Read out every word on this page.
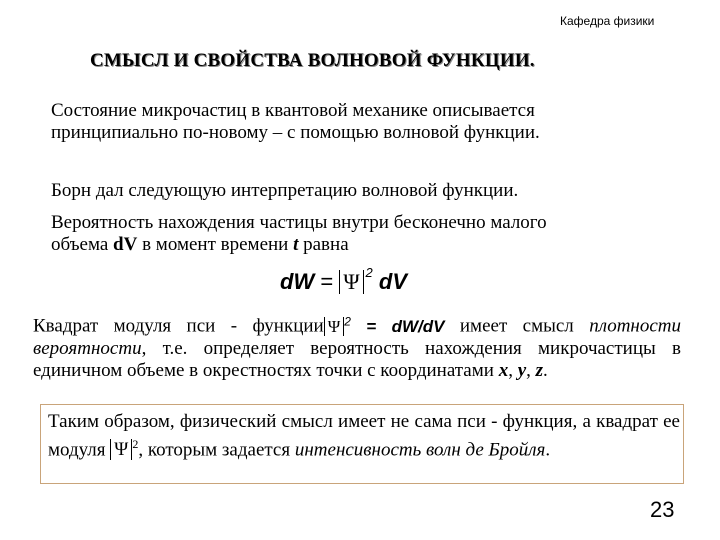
Кафедра физики
СМЫСЛ И СВОЙСТВА ВОЛНОВОЙ ФУНКЦИИ.
Состояние микрочастиц в квантовой механике описывается
принципиально по-новому – с помощью волновой функции.
Борн дал следующую интерпретацию волновой функции.
Вероятность нахождения частицы внутри бесконечно малого
объема dV в момент времени t равна
dW = Ψ $^2$ dV
Квадрат модуля пси - функции Ψ $^2$ = dW/dV имеет смысл плотности вероятности, т.е. определяет вероятность нахождения микрочастицы в единичном объеме в окрестностях точки с координатами x, y, z.
Таким образом, физический смысл имеет не сама пси - функция, а квадрат ее модуля Ψ $^2$, которым задается интенсивность волн де Бройля.
23
